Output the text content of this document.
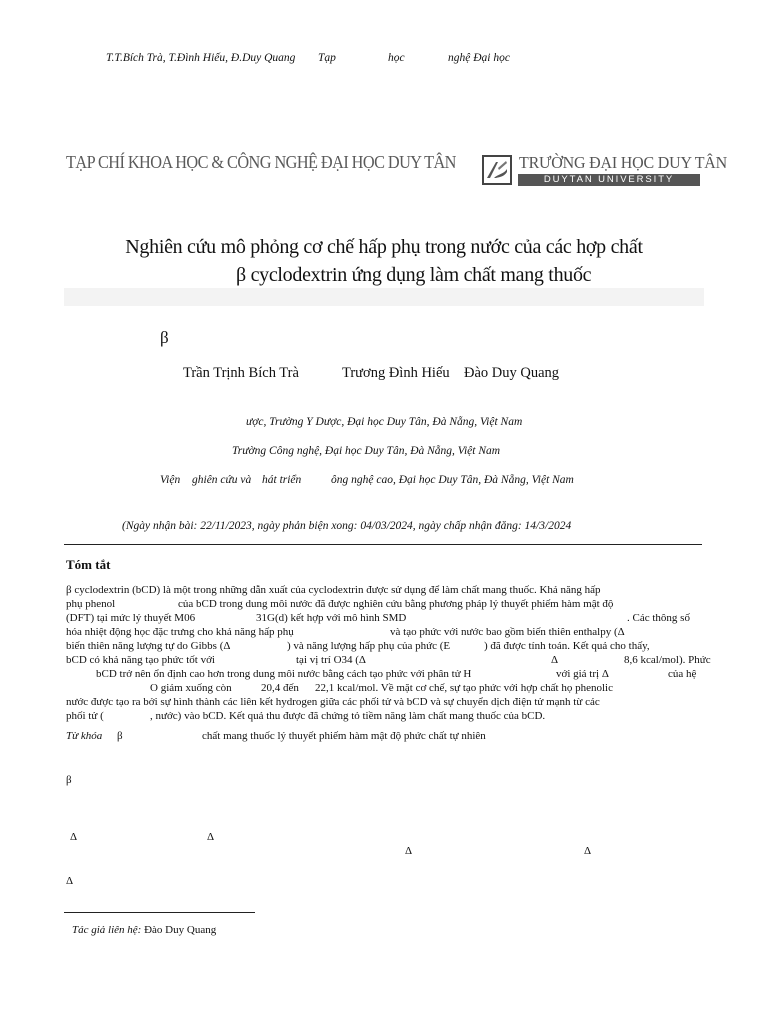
T.T.Bích Trà, T.Đình Hiếu, Đ.Duy Quang Tạp	học	nghệ Đại học
TẠP CHÍ KHOA HỌC & CÔNG NGHỆ ĐẠI HỌC DUY TÂN	TRƯỜNG ĐẠI HỌC DUY TÂN
DUYTAN UNIVERSITY
Nghiên cứu mô phỏng cơ chế hấp phụ trong nước của các hợp chất
β cyclodextrin ứng dụng làm chất mang thuốc
β
Trần Trịnh Bích Trà	Trương Đình Hiếu Đào Duy Quang
ược, Trường Y Dược, Đại học Duy Tân, Đà Nẵng, Việt Nam
Trường Công nghệ, Đại học Duy Tân, Đà Nẵng, Việt Nam
Viện ghiên cứu và hát triển	ông nghệ cao, Đại học Duy Tân, Đà Nẵng, Việt Nam
(Ngày nhận bài: 22/11/2023, ngày phản biện xong: 04/03/2024, ngày chấp nhận đăng: 14/3/2024
Tóm tắt
β cyclodextrin (bCD) là một trong những dẫn xuất của cyclodextrin được sử dụng để làm chất mang thuốc. Khả năng hấp
phụ phenol	của bCD trong dung môi nước đã được nghiên cứu bằng phương pháp lý thuyết phiếm hàm mật độ
(DFT) tại mức lý thuyết M06	31G(d) kết hợp với mô hình SMD	. Các thông số
hóa nhiệt động học đặc trưng cho khả năng hấp phụ	và tạo phức với nước bao gồm biến thiên enthalpy (Δ
biến thiên năng lượng tự do Gibbs (Δ	) và năng lượng hấp phụ của phức (E	) đã được tính toán. Kết quả cho thấy,
bCD có khả năng tạo phức tốt với	tại vị trí O34 (Δ	Δ	8,6 kcal/mol). Phức
bCD trở nên ổn định cao hơn trong dung môi nước bằng cách tạo phức với phân tử H	với giá trị Δ	của hệ
O giảm xuống còn	20,4 đến 22,1 kcal/mol. Về mặt cơ chế, sự tạo phức với hợp chất họ phenolic
nước được tạo ra bởi sự hình thành các liên kết hydrogen giữa các phối tử và bCD và sự chuyển dịch điện tử mạnh từ các
phối tử (	, nước) vào bCD. Kết quả thu được đã chứng tỏ tiềm năng làm chất mang thuốc của bCD.
Từ khóa β	chất mang thuốc lý thuyết phiếm hàm mật độ phức chất tự nhiên
β
Δ	Δ
Δ	Δ
Δ
Tác giả liên hệ: Đào Duy Quang
